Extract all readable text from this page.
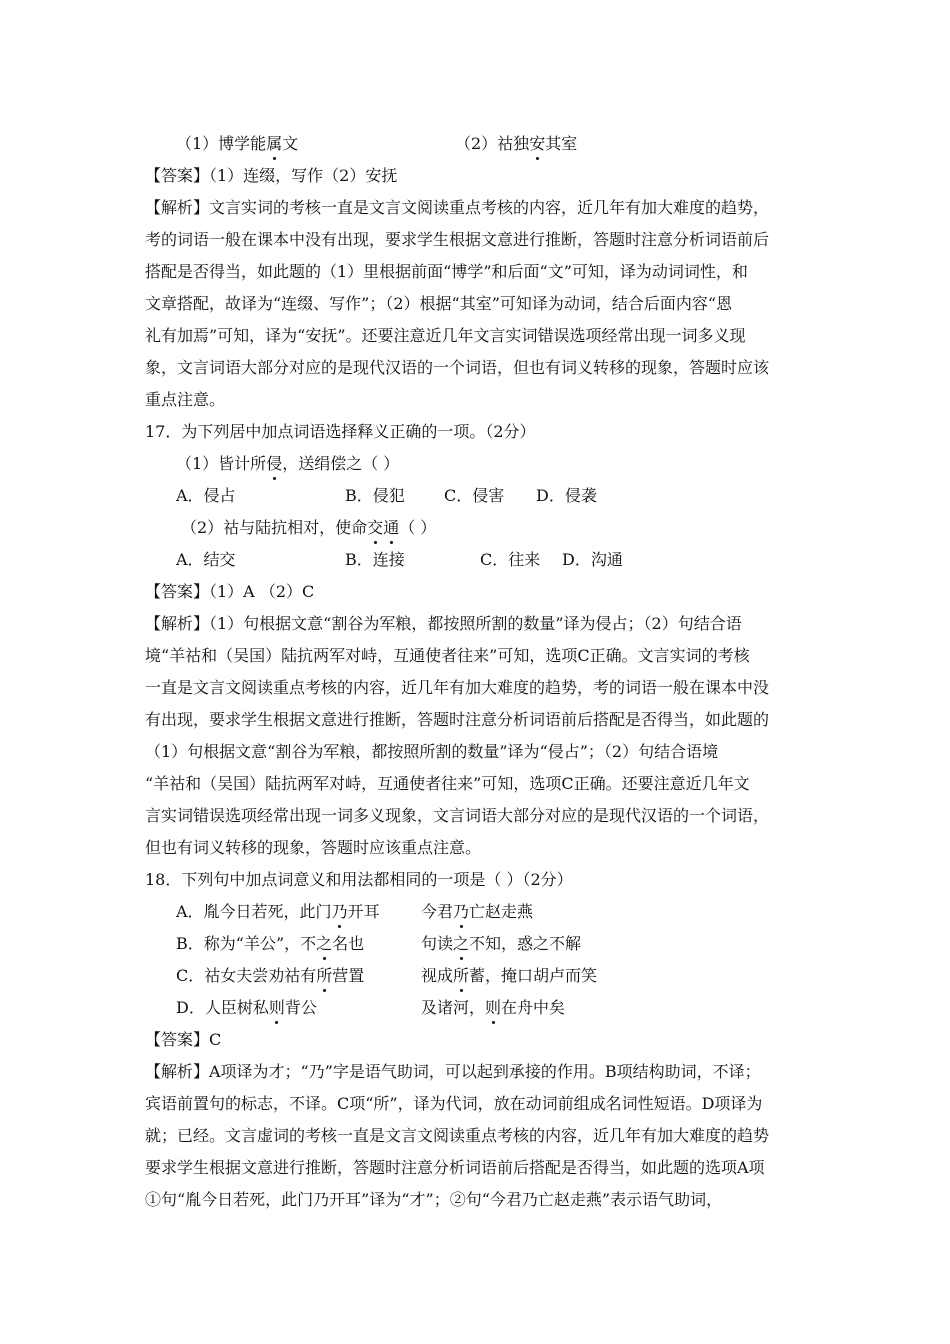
（1）博学能属文	（2）祜独安其室
【答案】（1）连缀，写作（2）安抚
【解析】文言实词的考核一直是文言文阅读重点考核的内容，近几年有加大难度的趋势，
考的词语一般在课本中没有出现，要求学生根据文意进行推断，答题时注意分析词语前后
搭配是否得当，如此题的（1）里根据前面“博学”和后面“文”可知，译为动词词性，和
文章搭配，故译为“连缀、写作”；（2）根据“其室”可知译为动词，结合后面内容“恩
礼有加焉”可知，译为“安抚”。还要注意近几年文言实词错误选项经常出现一词多义现
象，文言词语大部分对应的是现代汉语的一个词语，但也有词义转移的现象，答题时应该
重点注意。
17．为下列居中加点词语选择释义正确的一项。（2分）
（1）皆计所侵，送绢偿之（ ）
A．侵占	B．侵犯 C．侵害 D．侵袭
（2）祜与陆抗相对，使命交通（ ）
A．结交	B．连接	C．往来 D．沟通
【答案】（1）A （2）C
【解析】（1）句根据文意“割谷为军粮，都按照所割的数量”译为侵占；（2）句结合语
境“羊祜和（吴国）陆抗两军对峙，互通使者往来”可知，选项C正确。文言实词的考核
一直是文言文阅读重点考核的内容，近几年有加大难度的趋势，考的词语一般在课本中没
有出现，要求学生根据文意进行推断，答题时注意分析词语前后搭配是否得当，如此题的
（1）句根据文意“割谷为军粮，都按照所割的数量”译为“侵占”；（2）句结合语境
“羊祜和（吴国）陆抗两军对峙，互通使者往来”可知，选项C正确。还要注意近几年文
言实词错误选项经常出现一词多义现象，文言词语大部分对应的是现代汉语的一个词语，
但也有词义转移的现象，答题时应该重点注意。
18．下列句中加点词意义和用法都相同的一项是（ ）（2分）
A．胤今日若死，此门乃开耳	今君乃亡赵走燕
B．称为“羊公”，不之名也	句读之不知，惑之不解
C．祜女夫尝劝祜有所营置	视成所蓄，掩口胡卢而笑
D．人臣树私则背公	及诸河，则在舟中矣
【答案】C
【解析】A项译为才；“乃”字是语气助词，可以起到承接的作用。B项结构助词，不译；
宾语前置句的标志，不译。C项“所”，译为代词，放在动词前组成名词性短语。D项译为
就；已经。文言虚词的考核一直是文言文阅读重点考核的内容，近几年有加大难度的趋势
要求学生根据文意进行推断，答题时注意分析词语前后搭配是否得当，如此题的选项A项
①句“胤今日若死，此门乃开耳”译为“才”；②句“今君乃亡赵走燕”表示语气助词，
